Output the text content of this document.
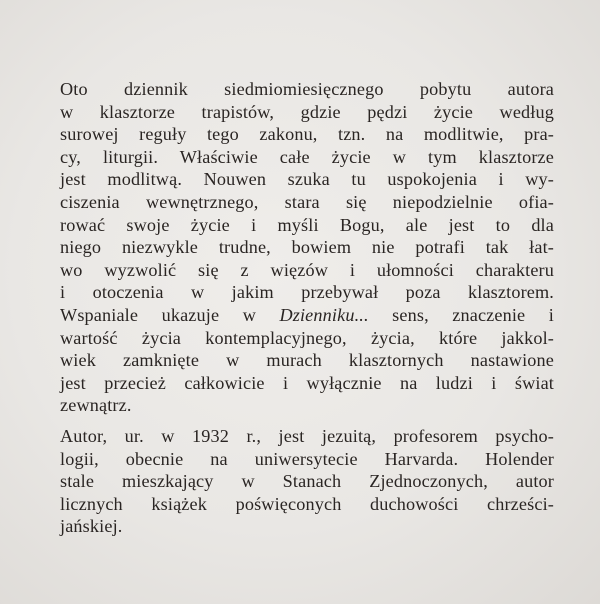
Oto dziennik siedmiomiesięcznego pobytu autora
w klasztorze trapistów, gdzie pędzi życie według
surowej reguły tego zakonu, tzn. na modlitwie, pra-
cy, liturgii. Właściwie całe życie w tym klasztorze
jest modlitwą. Nouwen szuka tu uspokojenia i wy-
ciszenia wewnętrznego, stara się niepodzielnie ofia-
rować swoje życie i myśli Bogu, ale jest to dla
niego niezwykle trudne, bowiem nie potrafi tak łat-
wo wyzwolić się z więzów i ułomności charakteru
i otoczenia w jakim przebywał poza klasztorem.
Wspaniale ukazuje w Dzienniku... sens, znaczenie i
wartość życia kontemplacyjnego, życia, które jakkol-
wiek zamknięte w murach klasztornych nastawione
jest przecież całkowicie i wyłącznie na ludzi i świat
zewnątrz.
Autor, ur. w 1932 r., jest jezuitą, profesorem psycho-
logii, obecnie na uniwersytecie Harvarda. Holender
stale mieszkający w Stanach Zjednoczonych, autor
licznych książek poświęconych duchowości chrześci-
jańskiej.
